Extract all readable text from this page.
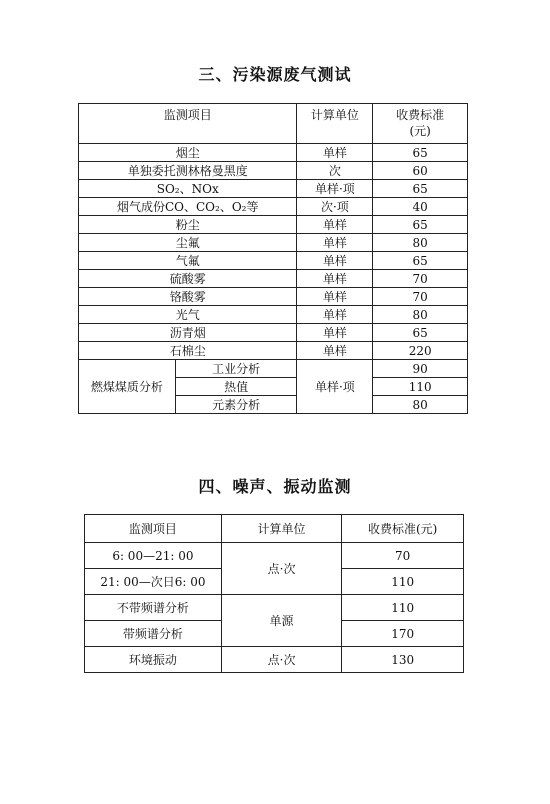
三、污染源废气测试
监测项目		计算单位	收费标准
(元)
烟尘		单样	65
单独委托测林格曼黑度		次	60
SO₂、NOx		单样·项	65
烟气成份CO、CO₂、O₂等		次·项	40
粉尘		单样	65
尘氟		单样	80
气氟		单样	65
硫酸雾		单样	70
铬酸雾		单样	70
光气		单样	80
沥青烟		单样	65
石棉尘		单样	220
燃煤煤质分析	工业分析	单样·项	90
	热值		110
	元素分析		80
四、噪声、振动监测
监测项目	计算单位	收费标准(元)
6: 00—21: 00	点·次	70
21: 00—次日6: 00		110
不带频谱分析	单源	110
带频谱分析		170
环境振动	点·次	130
